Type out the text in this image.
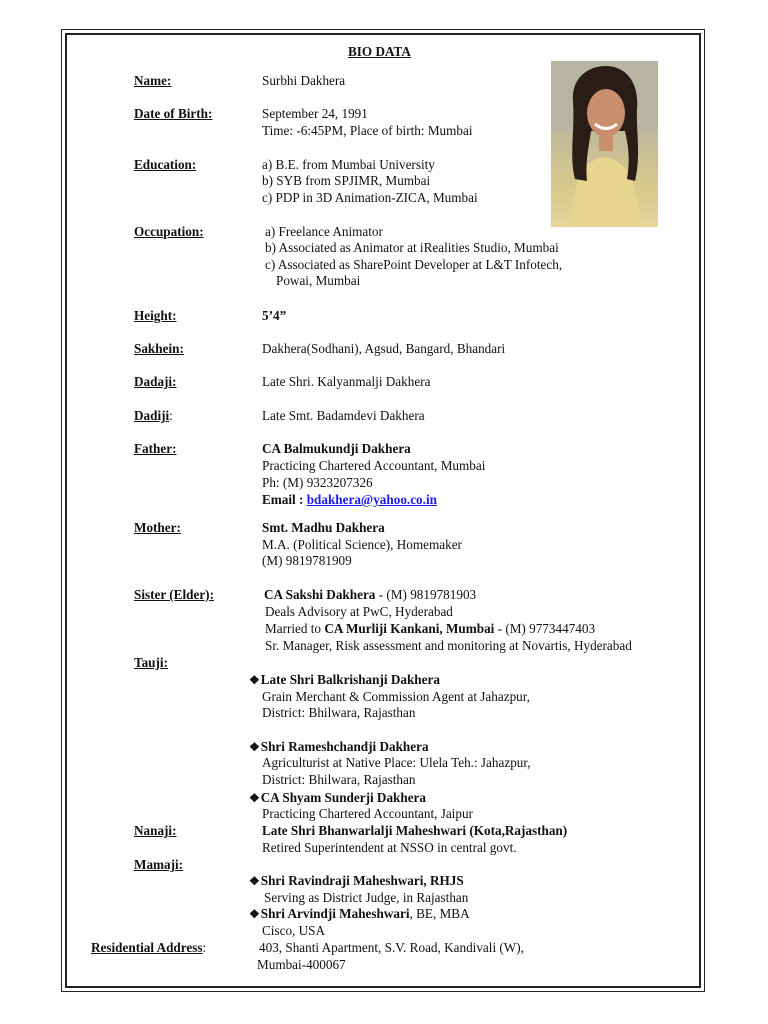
BIO DATA
Name:	Surbhi Dakhera
Date of Birth:	September 24, 1991
Time: -6:45PM, Place of birth: Mumbai
Education:	a) B.E. from Mumbai University
b) SYB from SPJIMR, Mumbai
c) PDP in 3D Animation-ZICA, Mumbai
Occupation:	a) Freelance Animator
b) Associated as Animator at iRealities Studio, Mumbai
c) Associated as SharePoint Developer at L&T Infotech,
Powai, Mumbai
Height:	5’4”
Sakhein:	Dakhera(Sodhani), Agsud, Bangard, Bhandari
Dadaji:	Late Shri. Kalyanmalji Dakhera
Dadiji:	Late Smt. Badamdevi Dakhera
Father:	CA Balmukundji Dakhera
Practicing Chartered Accountant, Mumbai
Ph: (M) 9323207326
Email : bdakhera@yahoo.co.in
Mother:	Smt. Madhu Dakhera
M.A. (Political Science), Homemaker
(M) 9819781909
Sister (Elder):	CA Sakshi Dakhera - (M) 9819781903
Deals Advisory at PwC, Hyderabad
Married to CA Murliji Kankani, Mumbai - (M) 9773447403
Sr. Manager, Risk assessment and monitoring at Novartis, Hyderabad
Tauji:
❖Late Shri Balkrishanji Dakhera
Grain Merchant & Commission Agent at Jahazpur,
District: Bhilwara, Rajasthan
❖Shri Rameshchandji Dakhera
Agriculturist at Native Place: Ulela Teh.: Jahazpur,
District: Bhilwara, Rajasthan
❖CA Shyam Sunderji Dakhera
Practicing Chartered Accountant, Jaipur
Nanaji:	Late Shri Bhanwarlalji Maheshwari (Kota,Rajasthan)
Retired Superintendent at NSSO in central govt.
Mamaji:
❖Shri Ravindraji Maheshwari, RHJS
Serving as District Judge, in Rajasthan
❖Shri Arvindji Maheshwari, BE, MBA
Cisco, USA
Residential Address:	403, Shanti Apartment, S.V. Road, Kandivali (W),
Mumbai-400067
